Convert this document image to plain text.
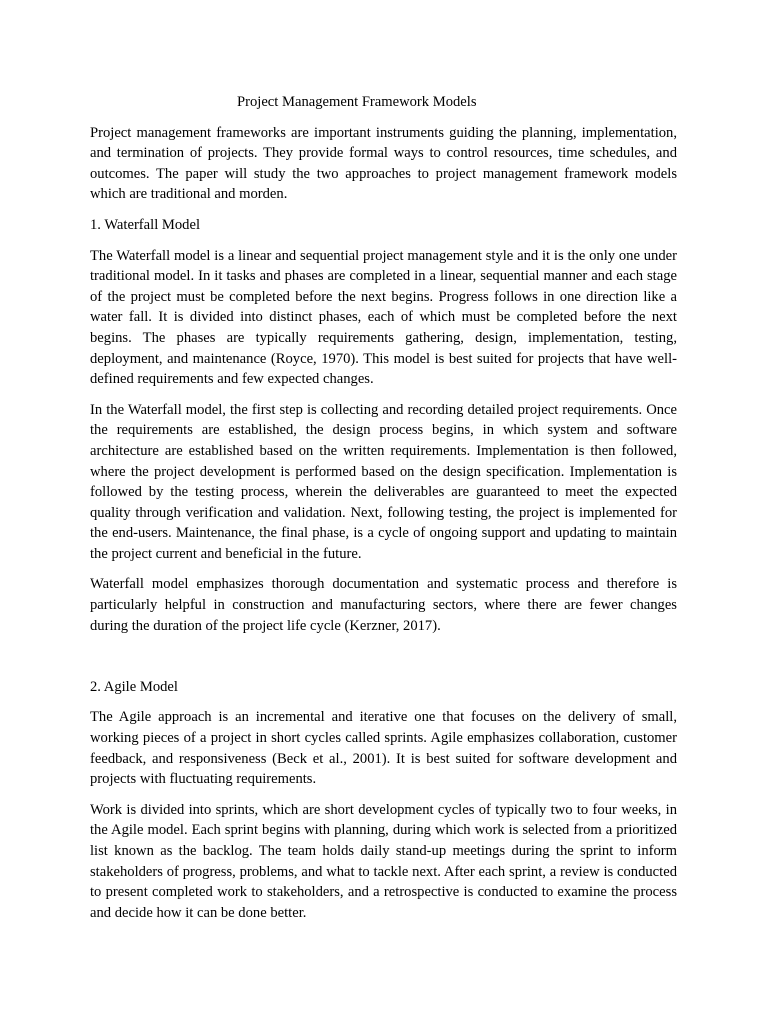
Project Management Framework Models

Project management frameworks are important instruments guiding the planning, implementation, and termination of projects. They provide formal ways to control resources, time schedules, and outcomes. The paper will study the two approaches to project management framework models which are traditional and morden.

1. Waterfall Model

The Waterfall model is a linear and sequential project management style and it is the only one under traditional model. In it tasks and phases are completed in a linear, sequential manner and each stage of the project must be completed before the next begins. Progress follows in one direction like a water fall. It is divided into distinct phases, each of which must be completed before the next begins. The phases are typically requirements gathering, design, implementation, testing, deployment, and maintenance (Royce, 1970). This model is best suited for projects that have well-defined requirements and few expected changes.

In the Waterfall model, the first step is collecting and recording detailed project requirements. Once the requirements are established, the design process begins, in which system and software architecture are established based on the written requirements. Implementation is then followed, where the project development is performed based on the design specification. Implementation is followed by the testing process, wherein the deliverables are guaranteed to meet the expected quality through verification and validation. Next, following testing, the project is implemented for the end-users. Maintenance, the final phase, is a cycle of ongoing support and updating to maintain the project current and beneficial in the future.

Waterfall model emphasizes thorough documentation and systematic process and therefore is particularly helpful in construction and manufacturing sectors, where there are fewer changes during the duration of the project life cycle (Kerzner, 2017).

2. Agile Model

The Agile approach is an incremental and iterative one that focuses on the delivery of small, working pieces of a project in short cycles called sprints. Agile emphasizes collaboration, customer feedback, and responsiveness (Beck et al., 2001). It is best suited for software development and projects with fluctuating requirements.

Work is divided into sprints, which are short development cycles of typically two to four weeks, in the Agile model. Each sprint begins with planning, during which work is selected from a prioritized list known as the backlog. The team holds daily stand-up meetings during the sprint to inform stakeholders of progress, problems, and what to tackle next. After each sprint, a review is conducted to present completed work to stakeholders, and a retrospective is conducted to examine the process and decide how it can be done better.
